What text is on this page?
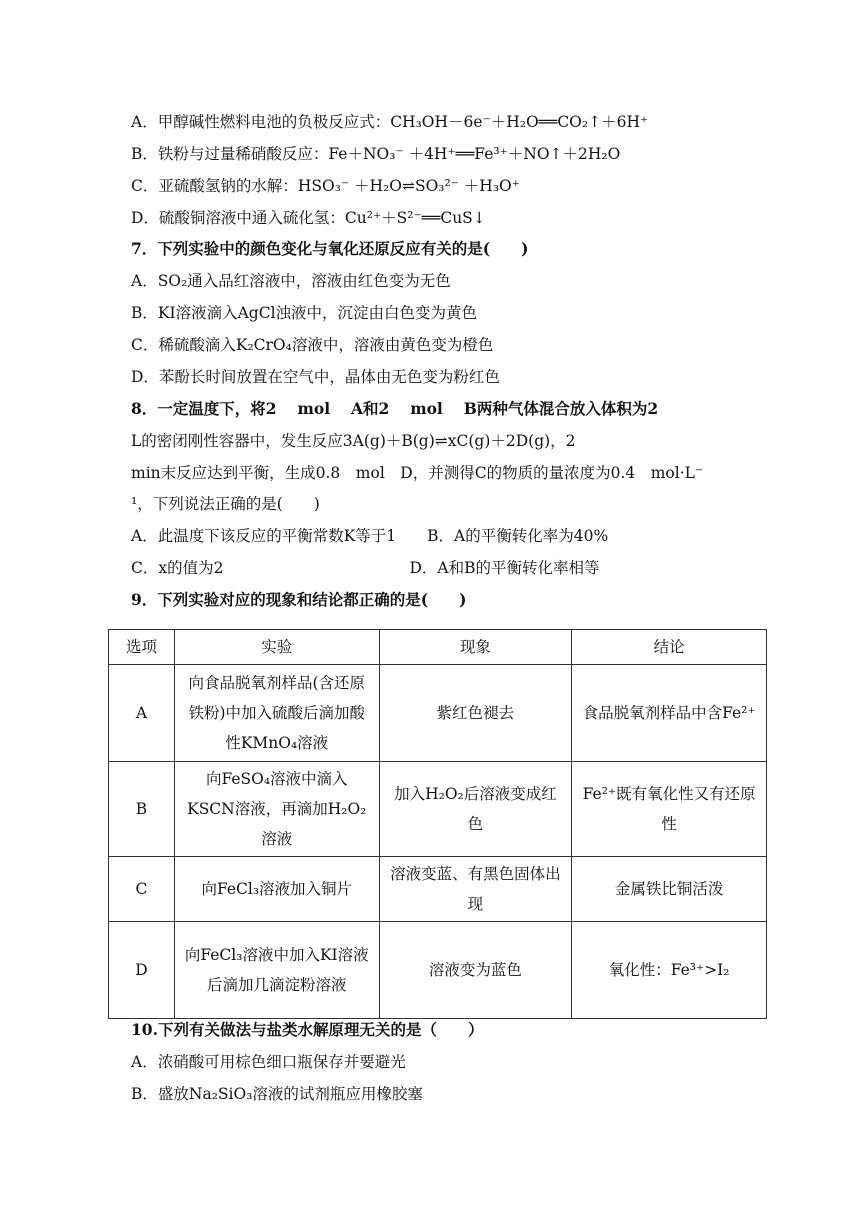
A．甲醇碱性燃料电池的负极反应式：CH₃OH－6e⁻＋H₂O══CO₂↑＋6H⁺
B．铁粉与过量稀硝酸反应：Fe＋NO₃⁻ ＋4H⁺══Fe³⁺＋NO↑＋2H₂O
C．亚硫酸氢钠的水解：HSO₃⁻ ＋H₂O⇌SO₃²⁻ ＋H₃O⁺
D．硫酸铜溶液中通入硫化氢：Cu²⁺＋S²⁻══CuS↓
7．下列实验中的颜色变化与氧化还原反应有关的是(　　)
A．SO₂通入品红溶液中，溶液由红色变为无色
B．KI溶液滴入AgCl浊液中，沉淀由白色变为黄色
C．稀硫酸滴入K₂CrO₄溶液中，溶液由黄色变为橙色
D．苯酚长时间放置在空气中，晶体由无色变为粉红色
8．一定温度下，将2　 mol　 A和2　 mol　 B两种气体混合放入体积为2
L的密闭刚性容器中，发生反应3A(g)＋B(g)⇌xC(g)＋2D(g)，2
min末反应达到平衡，生成0.8　mol　D，并测得C的物质的量浓度为0.4　mol·L⁻
¹，下列说法正确的是(　　)
A．此温度下该反应的平衡常数K等于1　　B．A的平衡转化率为40%
C．x的值为2　　　　　　　　　　　　D．A和B的平衡转化率相等
9．下列实验对应的现象和结论都正确的是(　　)
选项	实验	现象	结论
A	向食品脱氧剂样品(含还原铁粉)中加入硫酸后滴加酸性KMnO₄溶液	紫红色褪去	食品脱氧剂样品中含Fe²⁺
B	向FeSO₄溶液中滴入KSCN溶液，再滴加H₂O₂溶液	加入H₂O₂后溶液变成红色	Fe²⁺既有氧化性又有还原性
C	向FeCl₃溶液加入铜片	溶液变蓝、有黑色固体出现	金属铁比铜活泼
D	向FeCl₃溶液中加入KI溶液后滴加几滴淀粉溶液	溶液变为蓝色	氧化性：Fe³⁺>I₂
10.下列有关做法与盐类水解原理无关的是（　　）
A．浓硝酸可用棕色细口瓶保存并要避光
B．盛放Na₂SiO₃溶液的试剂瓶应用橡胶塞
